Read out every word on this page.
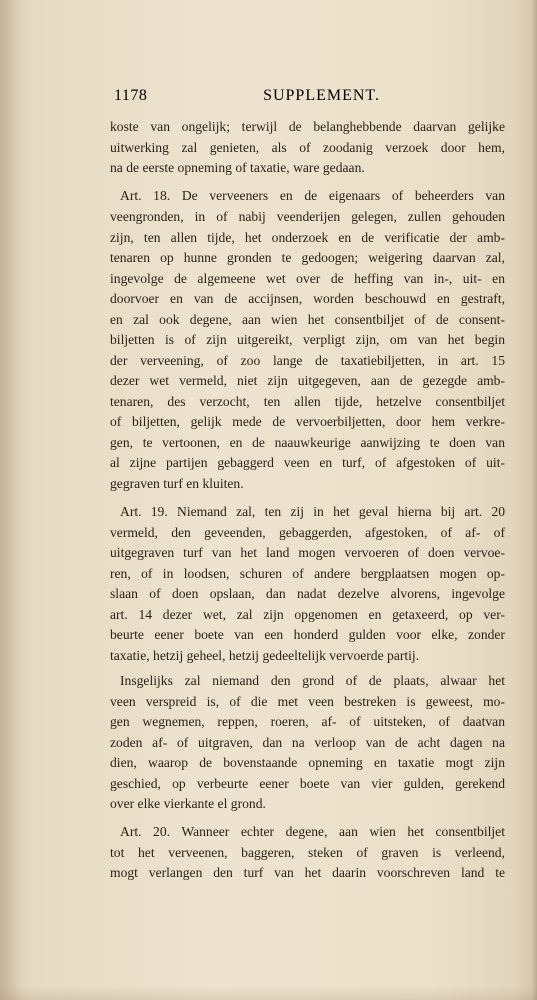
1178	SUPPLEMENT.
koste van ongelijk; terwijl de belanghebbende daarvan gelijke
uitwerking zal genieten, als of zoodanig verzoek door hem,
na de eerste opneming of taxatie, ware gedaan.
Art. 18. De verveeners en de eigenaars of beheerders van
veengronden, in of nabij veenderijen gelegen, zullen gehouden
zijn, ten allen tijde, het onderzoek en de verificatie der amb-
tenaren op hunne gronden te gedoogen; weigering daarvan zal,
ingevolge de algemeene wet over de heffing van in-, uit- en
doorvoer en van de accijnsen, worden beschouwd en gestraft,
en zal ook degene, aan wien het consentbiljet of de consent-
biljetten is of zijn uitgereikt, verpligt zijn, om van het begin
der verveening, of zoo lange de taxatiebiljetten, in art. 15
dezer wet vermeld, niet zijn uitgegeven, aan de gezegde amb-
tenaren, des verzocht, ten allen tijde, hetzelve consentbiljet
of biljetten, gelijk mede de vervoerbiljetten, door hem verkre-
gen, te vertoonen, en de naauwkeurige aanwijzing te doen van
al zijne partijen gebaggerd veen en turf, of afgestoken of uit-
gegraven turf en kluiten.
Art. 19. Niemand zal, ten zij in het geval hierna bij art. 20
vermeld, den geveenden, gebaggerden, afgestoken, of af- of
uitgegraven turf van het land mogen vervoeren of doen vervoe-
ren, of in loodsen, schuren of andere bergplaatsen mogen op-
slaan of doen opslaan, dan nadat dezelve alvorens, ingevolge
art. 14 dezer wet, zal zijn opgenomen en getaxeerd, op ver-
beurte eener boete van een honderd gulden voor elke, zonder
taxatie, hetzij geheel, hetzij gedeeltelijk vervoerde partij.
Insgelijks zal niemand den grond of de plaats, alwaar het
veen verspreid is, of die met veen bestreken is geweest, mo-
gen wegnemen, reppen, roeren, af- of uitsteken, of daatvan
zoden af- of uitgraven, dan na verloop van de acht dagen na
dien, waarop de bovenstaande opneming en taxatie mogt zijn
geschied, op verbeurte eener boete van vier gulden, gerekend
over elke vierkante el grond.
Art. 20. Wanneer echter degene, aan wien het consentbiljet
tot het verveenen, baggeren, steken of graven is verleend,
mogt verlangen den turf van het daarin voorschreven land te
